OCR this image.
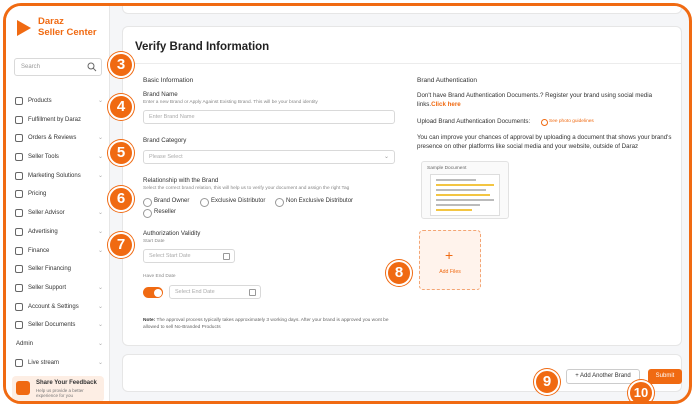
Daraz
Seller Center
Search
Products	⌄
Fulfillment by Daraz
Orders & Reviews	⌄
Seller Tools	⌄
Marketing Solutions	⌄
Pricing
Seller Advisor	⌄
Advertising	⌄
Finance	⌄
Seller Financing
Seller Support	⌄
Account & Settings	⌄
Seller Documents	⌄
Admin	⌄
Live stream	⌄
Share Your Feedback
Help us provide a better experience for you
Verify Brand Information
Basic Information
Brand Name
Enter a new Brand or Apply Against Existing Brand. This will be your brand identity
Enter Brand Name
Brand Category
Please Select	⌄
Relationship with the Brand
Select the correct brand relation, this will help us to verify your document and assign the right Tag
Brand Owner	Exclusive Distributor	Non Exclusive Distributor
Reseller
Authorization Validity
Start Date
Select Start Date
Have End Date
Select End Date
Note: The approval process typically takes approximately 3 working days. After your brand is approved you wont be allowed to sell No-Branded Products
Brand Authentication
Don't have Brand Authentication Documents.? Register your brand using social media links.Click here
Upload Brand Authentication Documents:	See photo guidelines
You can improve your chances of approval by uploading a document that shows your brand's presence on other platforms like social media and your website, outside of Daraz
Sample Document
+
Add Files
+ Add Another Brand	Submit
3
4
5
6
7
8
9
10
